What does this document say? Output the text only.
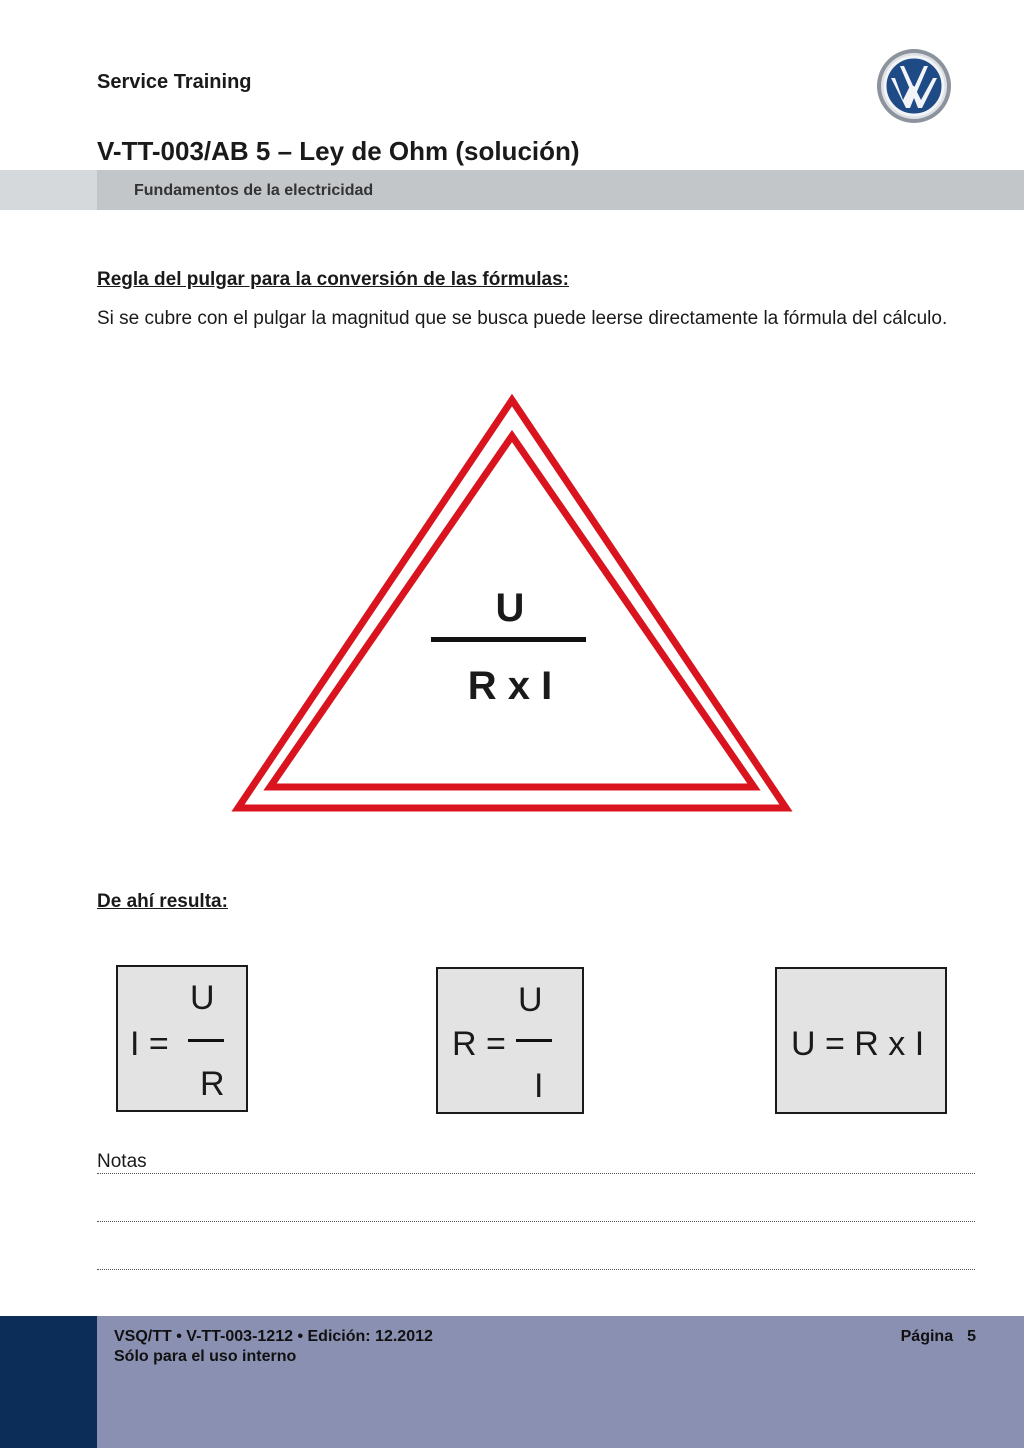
Service Training
V-TT-003/AB 5 – Ley de Ohm (solución)
Fundamentos de la electricidad
Regla del pulgar para la conversión de las fórmulas:
Si se cubre con el pulgar la magnitud que se busca puede leerse directamente la fórmula del cálculo.
U
R x I
De ahí resulta:
I =
U
R
R =
U
I
U = R x I
Notas
VSQ/TT • V-TT-003-1212 • Edición: 12.2012
Sólo para el uso interno
Página 5
